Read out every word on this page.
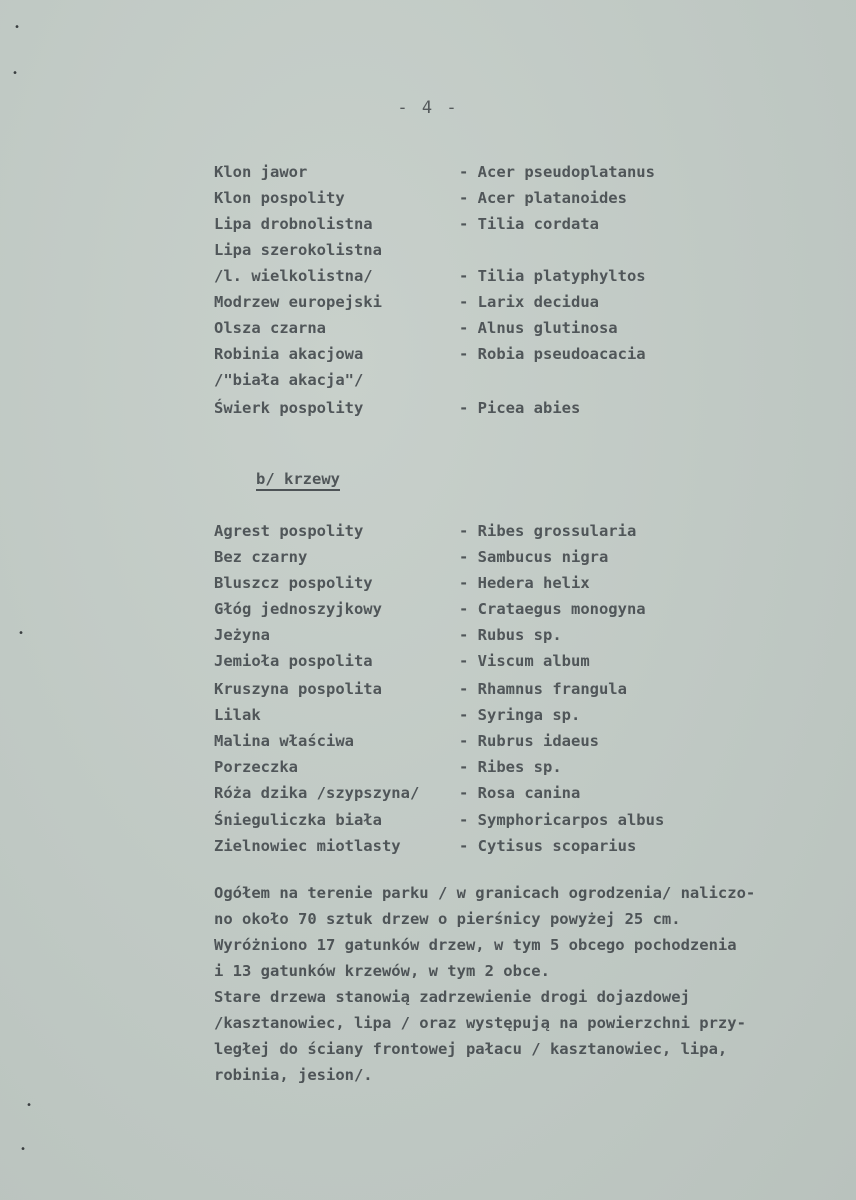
•
•
•
•
•
- 4 -
Klon jawor	- Acer pseudoplatanus
Klon pospolity	- Acer platanoides
Lipa drobnolistna	- Tilia cordata
Lipa szerokolistna
/l. wielkolistna/	- Tilia platyphyltos
Modrzew europejski	- Larix decidua
Olsza czarna	- Alnus glutinosa
Robinia akacjowa	- Robia pseudoacacia
/"biała akacja"/
Świerk pospolity	- Picea abies
b/ krzewy
Agrest pospolity	- Ribes grossularia
Bez czarny	- Sambucus nigra
Bluszcz pospolity	- Hedera helix
Głóg jednoszyjkowy	- Crataegus monogyna
Jeżyna	- Rubus sp.
Jemioła pospolita	- Viscum album
Kruszyna pospolita	- Rhamnus frangula
Lilak	- Syringa sp.
Malina właściwa	- Rubrus idaeus
Porzeczka	- Ribes sp.
Róża dzika /szypszyna/	- Rosa canina
Śnieguliczka biała	- Symphoricarpos albus
Zielnowiec miotlasty	- Cytisus scoparius
Ogółem na terenie parku / w granicach ogrodzenia/ naliczo-
no około 70 sztuk drzew o pierśnicy powyżej 25 cm.
Wyróżniono 17 gatunków drzew, w tym 5 obcego pochodzenia
i 13 gatunków krzewów, w tym 2 obce.
Stare drzewa stanowią zadrzewienie drogi dojazdowej
/kasztanowiec, lipa / oraz występują na powierzchni przy-
ległej do ściany frontowej pałacu / kasztanowiec, lipa,
robinia, jesion/.
